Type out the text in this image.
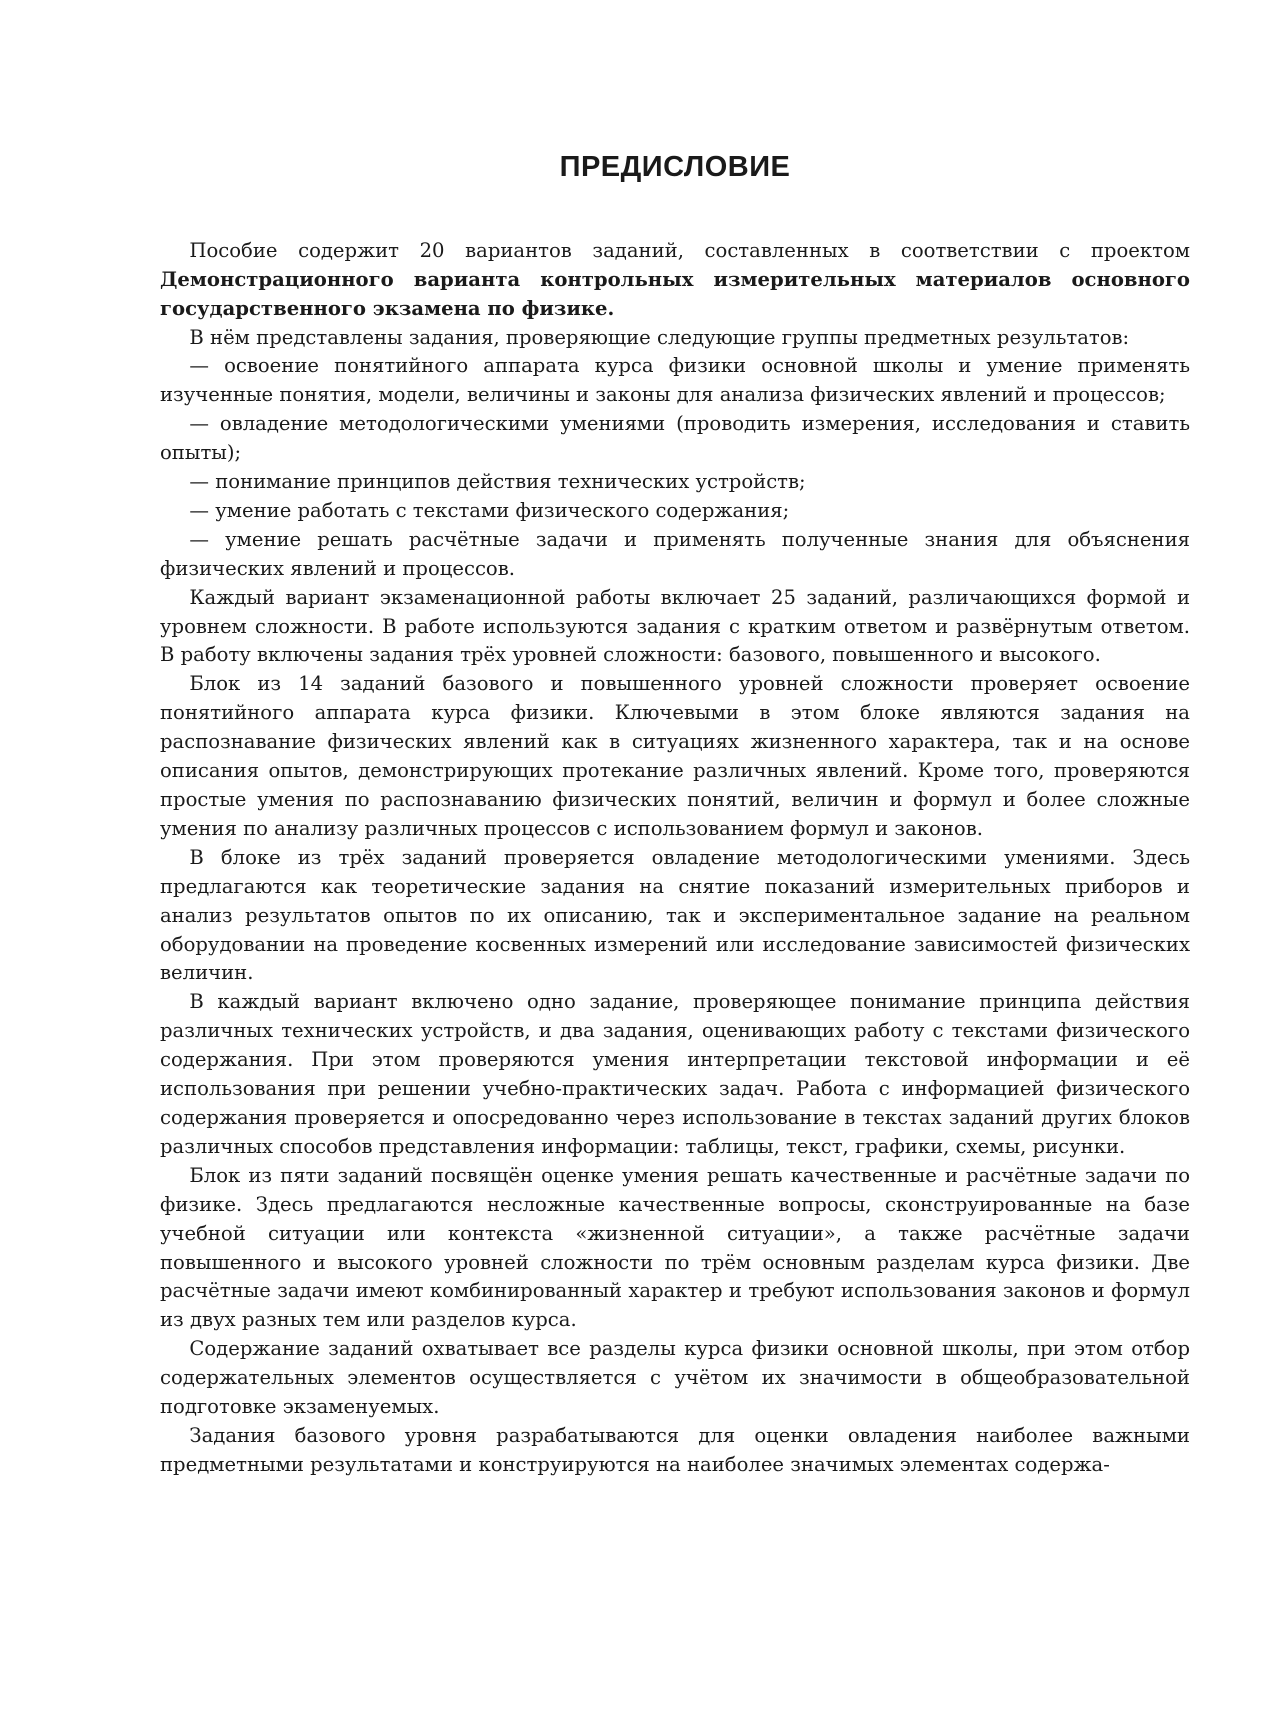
ПРЕДИСЛОВИЕ

Пособие содержит 20 вариантов заданий, составленных в соответствии с проектом Демонстрационного варианта контрольных измерительных материалов основного государственного экзамена по физике.

В нём представлены задания, проверяющие следующие группы предметных результатов:

— освоение понятийного аппарата курса физики основной школы и умение применять изученные понятия, модели, величины и законы для анализа физических явлений и процессов;

— овладение методологическими умениями (проводить измерения, исследования и ставить опыты);

— понимание принципов действия технических устройств;

— умение работать с текстами физического содержания;

— умение решать расчётные задачи и применять полученные знания для объяснения физических явлений и процессов.

Каждый вариант экзаменационной работы включает 25 заданий, различающихся формой и уровнем сложности. В работе используются задания с кратким ответом и развёрнутым ответом. В работу включены задания трёх уровней сложности: базового, повышенного и высокого.

Блок из 14 заданий базового и повышенного уровней сложности проверяет освоение понятийного аппарата курса физики. Ключевыми в этом блоке являются задания на распознавание физических явлений как в ситуациях жизненного характера, так и на основе описания опытов, демонстрирующих протекание различных явлений. Кроме того, проверяются простые умения по распознаванию физических понятий, величин и формул и более сложные умения по анализу различных процессов с использованием формул и законов.

В блоке из трёх заданий проверяется овладение методологическими умениями. Здесь предлагаются как теоретические задания на снятие показаний измерительных приборов и анализ результатов опытов по их описанию, так и экспериментальное задание на реальном оборудовании на проведение косвенных измерений или исследование зависимостей физических величин.

В каждый вариант включено одно задание, проверяющее понимание принципа действия различных технических устройств, и два задания, оценивающих работу с текстами физического содержания. При этом проверяются умения интерпретации текстовой информации и её использования при решении учебно-практических задач. Работа с информацией физического содержания проверяется и опосредованно через использование в текстах заданий других блоков различных способов представления информации: таблицы, текст, графики, схемы, рисунки.

Блок из пяти заданий посвящён оценке умения решать качественные и расчётные задачи по физике. Здесь предлагаются несложные качественные вопросы, сконструированные на базе учебной ситуации или контекста «жизненной ситуации», а также расчётные задачи повышенного и высокого уровней сложности по трём основным разделам курса физики. Две расчётные задачи имеют комбинированный характер и требуют использования законов и формул из двух разных тем или разделов курса.

Содержание заданий охватывает все разделы курса физики основной школы, при этом отбор содержательных элементов осуществляется с учётом их значимости в общеобразовательной подготовке экзаменуемых.

Задания базового уровня разрабатываются для оценки овладения наиболее важными предметными результатами и конструируются на наиболее значимых элементах содержа-
